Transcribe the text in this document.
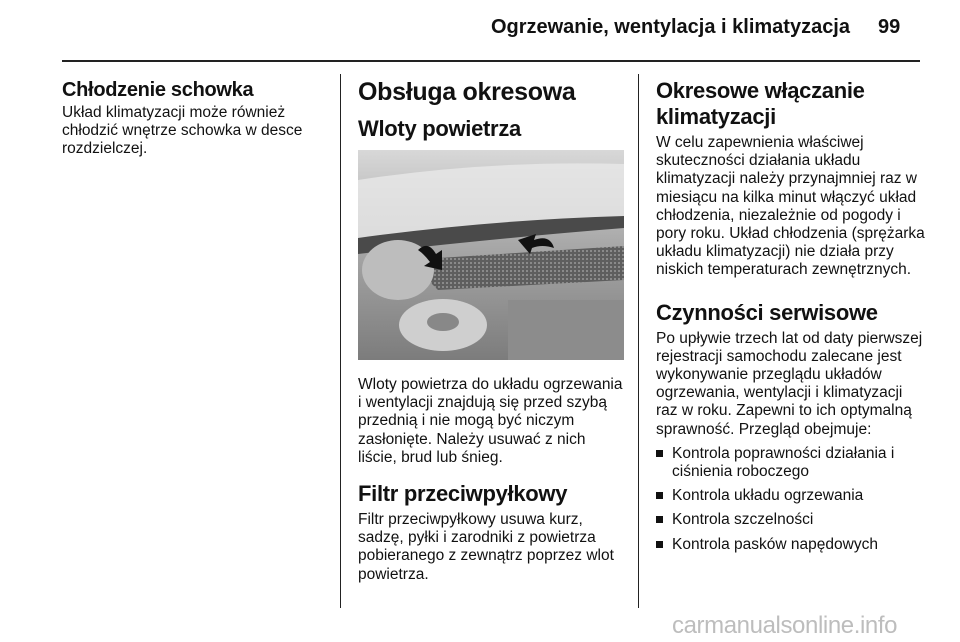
Ogrzewanie, wentylacja i klimatyzacja 99
Chłodzenie schowka

Układ klimatyzacji może również chłodzić wnętrze schowka w desce rozdzielczej.

Obsługa okresowa
Wloty powietrza

Wloty powietrza do układu ogrzewania i wentylacji znajdują się przed szybą przednią i nie mogą być niczym zasłonięte. Należy usuwać z nich liście, brud lub śnieg.

Filtr przeciwpyłkowy

Filtr przeciwpyłkowy usuwa kurz, sadzę, pyłki i zarodniki z powietrza pobieranego z zewnątrz poprzez wlot powietrza.

Okresowe włączanie klimatyzacji

W celu zapewnienia właściwej skuteczności działania układu klimatyzacji należy przynajmniej raz w miesiącu na kilka minut włączyć układ chłodzenia, niezależnie od pogody i pory roku. Układ chłodzenia (sprężarka układu klimatyzacji) nie działa przy niskich temperaturach zewnętrznych.

Czynności serwisowe

Po upływie trzech lat od daty pierwszej rejestracji samochodu zalecane jest wykonywanie przeglądu układów ogrzewania, wentylacji i klimatyzacji raz w roku. Zapewni to ich optymalną sprawność. Przegląd obejmuje:

Kontrola poprawności działania i ciśnienia roboczego
Kontrola układu ogrzewania
Kontrola szczelności
Kontrola pasków napędowych
carmanualsonline.info
